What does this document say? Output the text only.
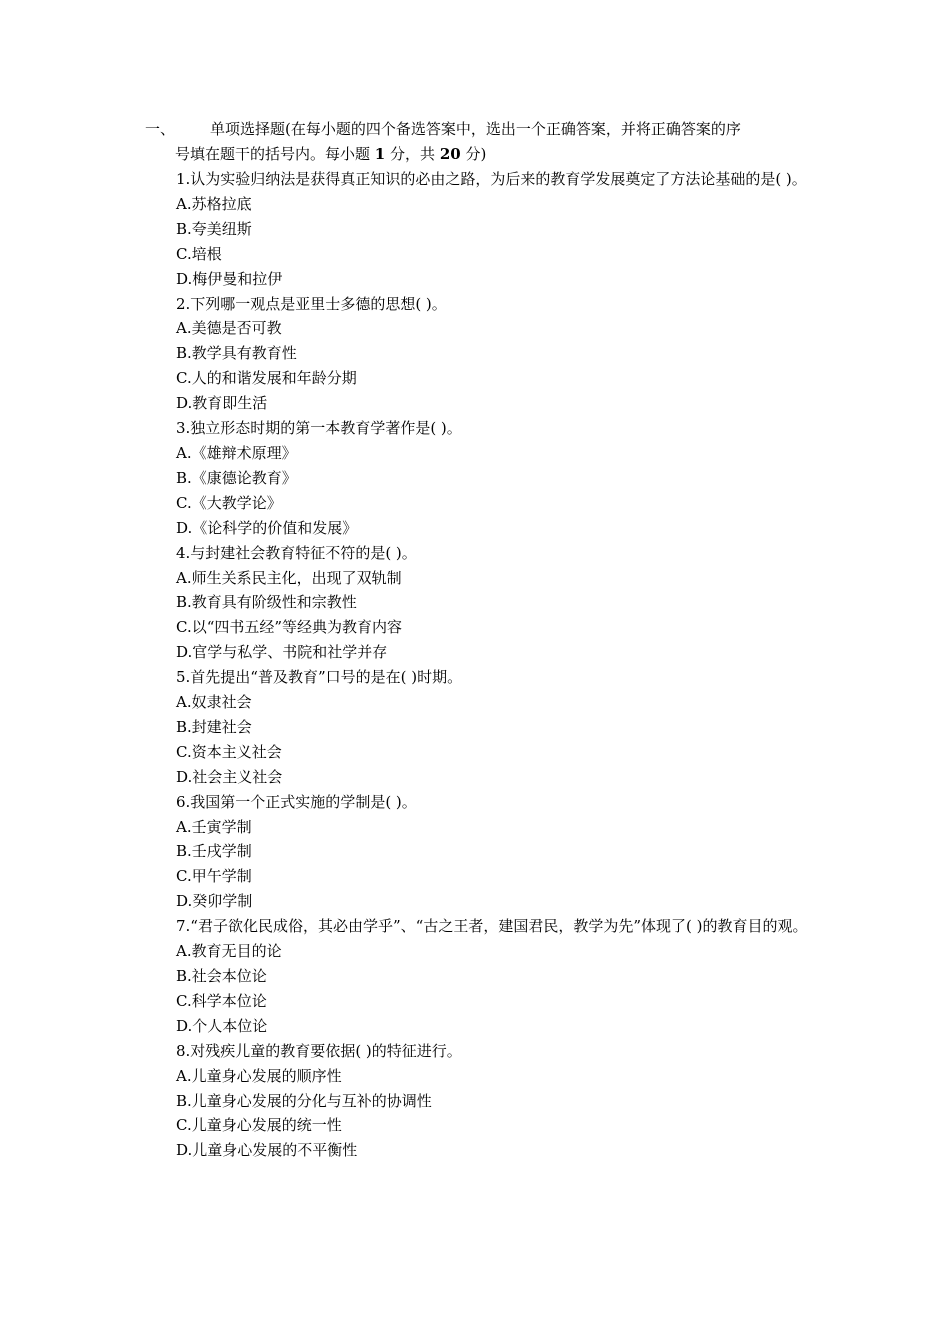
一、	单项选择题(在每小题的四个备选答案中，选出一个正确答案，并将正确答案的序
号填在题干的括号内。每小题 1 分，共 20 分)

1.认为实验归纳法是获得真正知识的必由之路，为后来的教育学发展奠定了方法论基础的是( )。

A.苏格拉底

B.夸美纽斯

C.培根

D.梅伊曼和拉伊

2.下列哪一观点是亚里士多德的思想( )。

A.美德是否可教

B.教学具有教育性

C.人的和谐发展和年龄分期

D.教育即生活

3.独立形态时期的第一本教育学著作是( )。

A.《雄辩术原理》

B.《康德论教育》

C.《大教学论》

D.《论科学的价值和发展》

4.与封建社会教育特征不符的是( )。

A.师生关系民主化，出现了双轨制

B.教育具有阶级性和宗教性

C.以“四书五经”等经典为教育内容

D.官学与私学、书院和社学并存

5.首先提出“普及教育”口号的是在( )时期。

A.奴隶社会

B.封建社会

C.资本主义社会

D.社会主义社会

6.我国第一个正式实施的学制是( )。

A.壬寅学制

B.壬戌学制

C.甲午学制

D.癸卯学制

7.“君子欲化民成俗，其必由学乎”、“古之王者，建国君民，教学为先”体现了( )的教育目的观。

A.教育无目的论

B.社会本位论

C.科学本位论

D.个人本位论

8.对残疾儿童的教育要依据( )的特征进行。

A.儿童身心发展的顺序性

B.儿童身心发展的分化与互补的协调性

C.儿童身心发展的统一性

D.儿童身心发展的不平衡性
